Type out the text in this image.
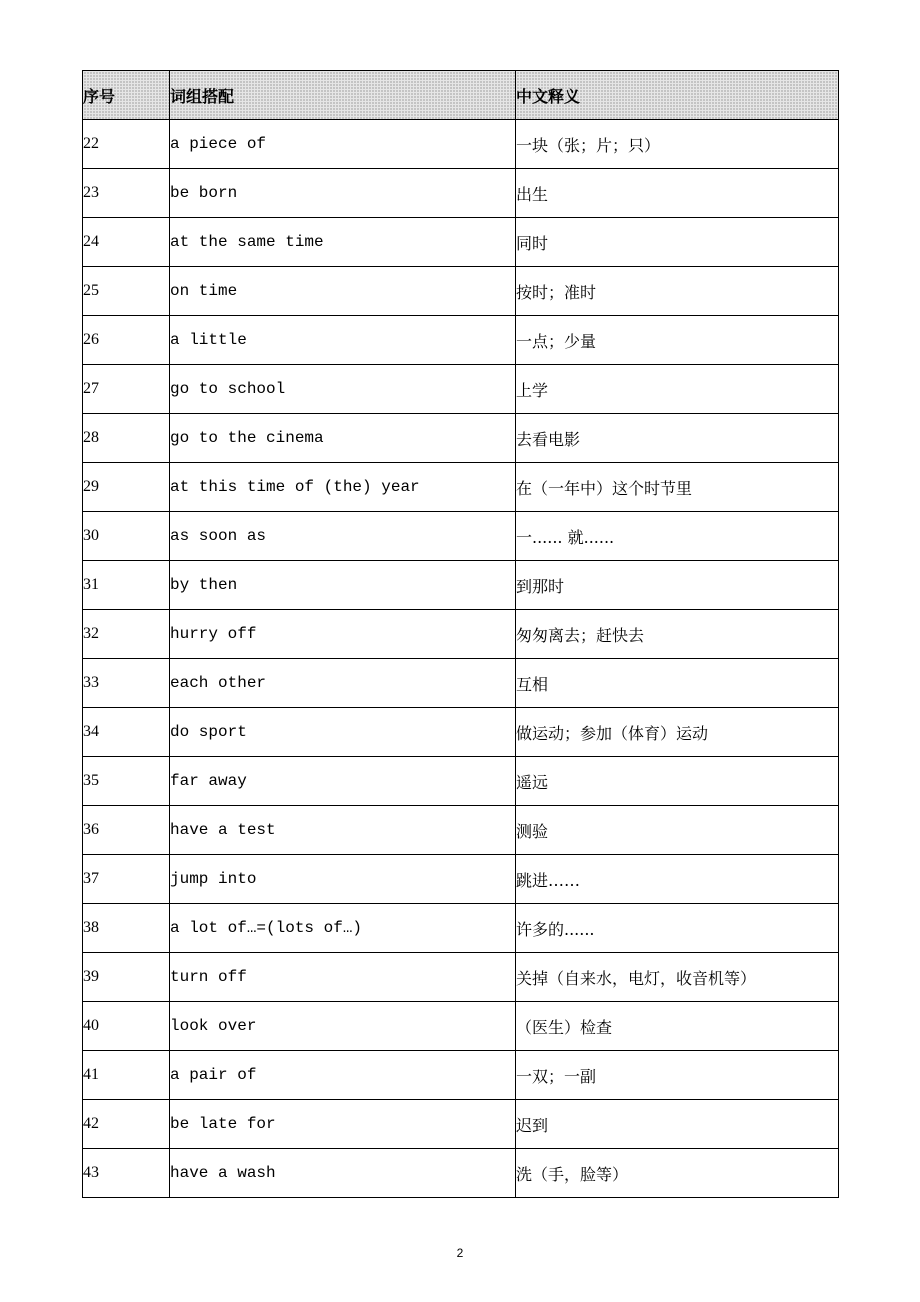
序号	词组搭配	中文释义
22	a piece of	一块（张；片；只）
23	be born	出生
24	at the same time	同时
25	on time	按时；准时
26	a little	一点；少量
27	go to school	上学
28	go to the cinema	去看电影
29	at this time of (the) year	在（一年中）这个时节里
30	as soon as	一...... 就......
31	by then	到那时
32	hurry off	匆匆离去；赶快去
33	each other	互相
34	do sport	做运动；参加（体育）运动
35	far away	遥远
36	have a test	测验
37	jump into	跳进……
38	a lot of…=(lots of…)	许多的......
39	turn off	关掉（自来水，电灯，收音机等）
40	look over	（医生）检查
41	a pair of	一双；一副
42	be late for	迟到
43	have a wash	洗（手，脸等）
2
